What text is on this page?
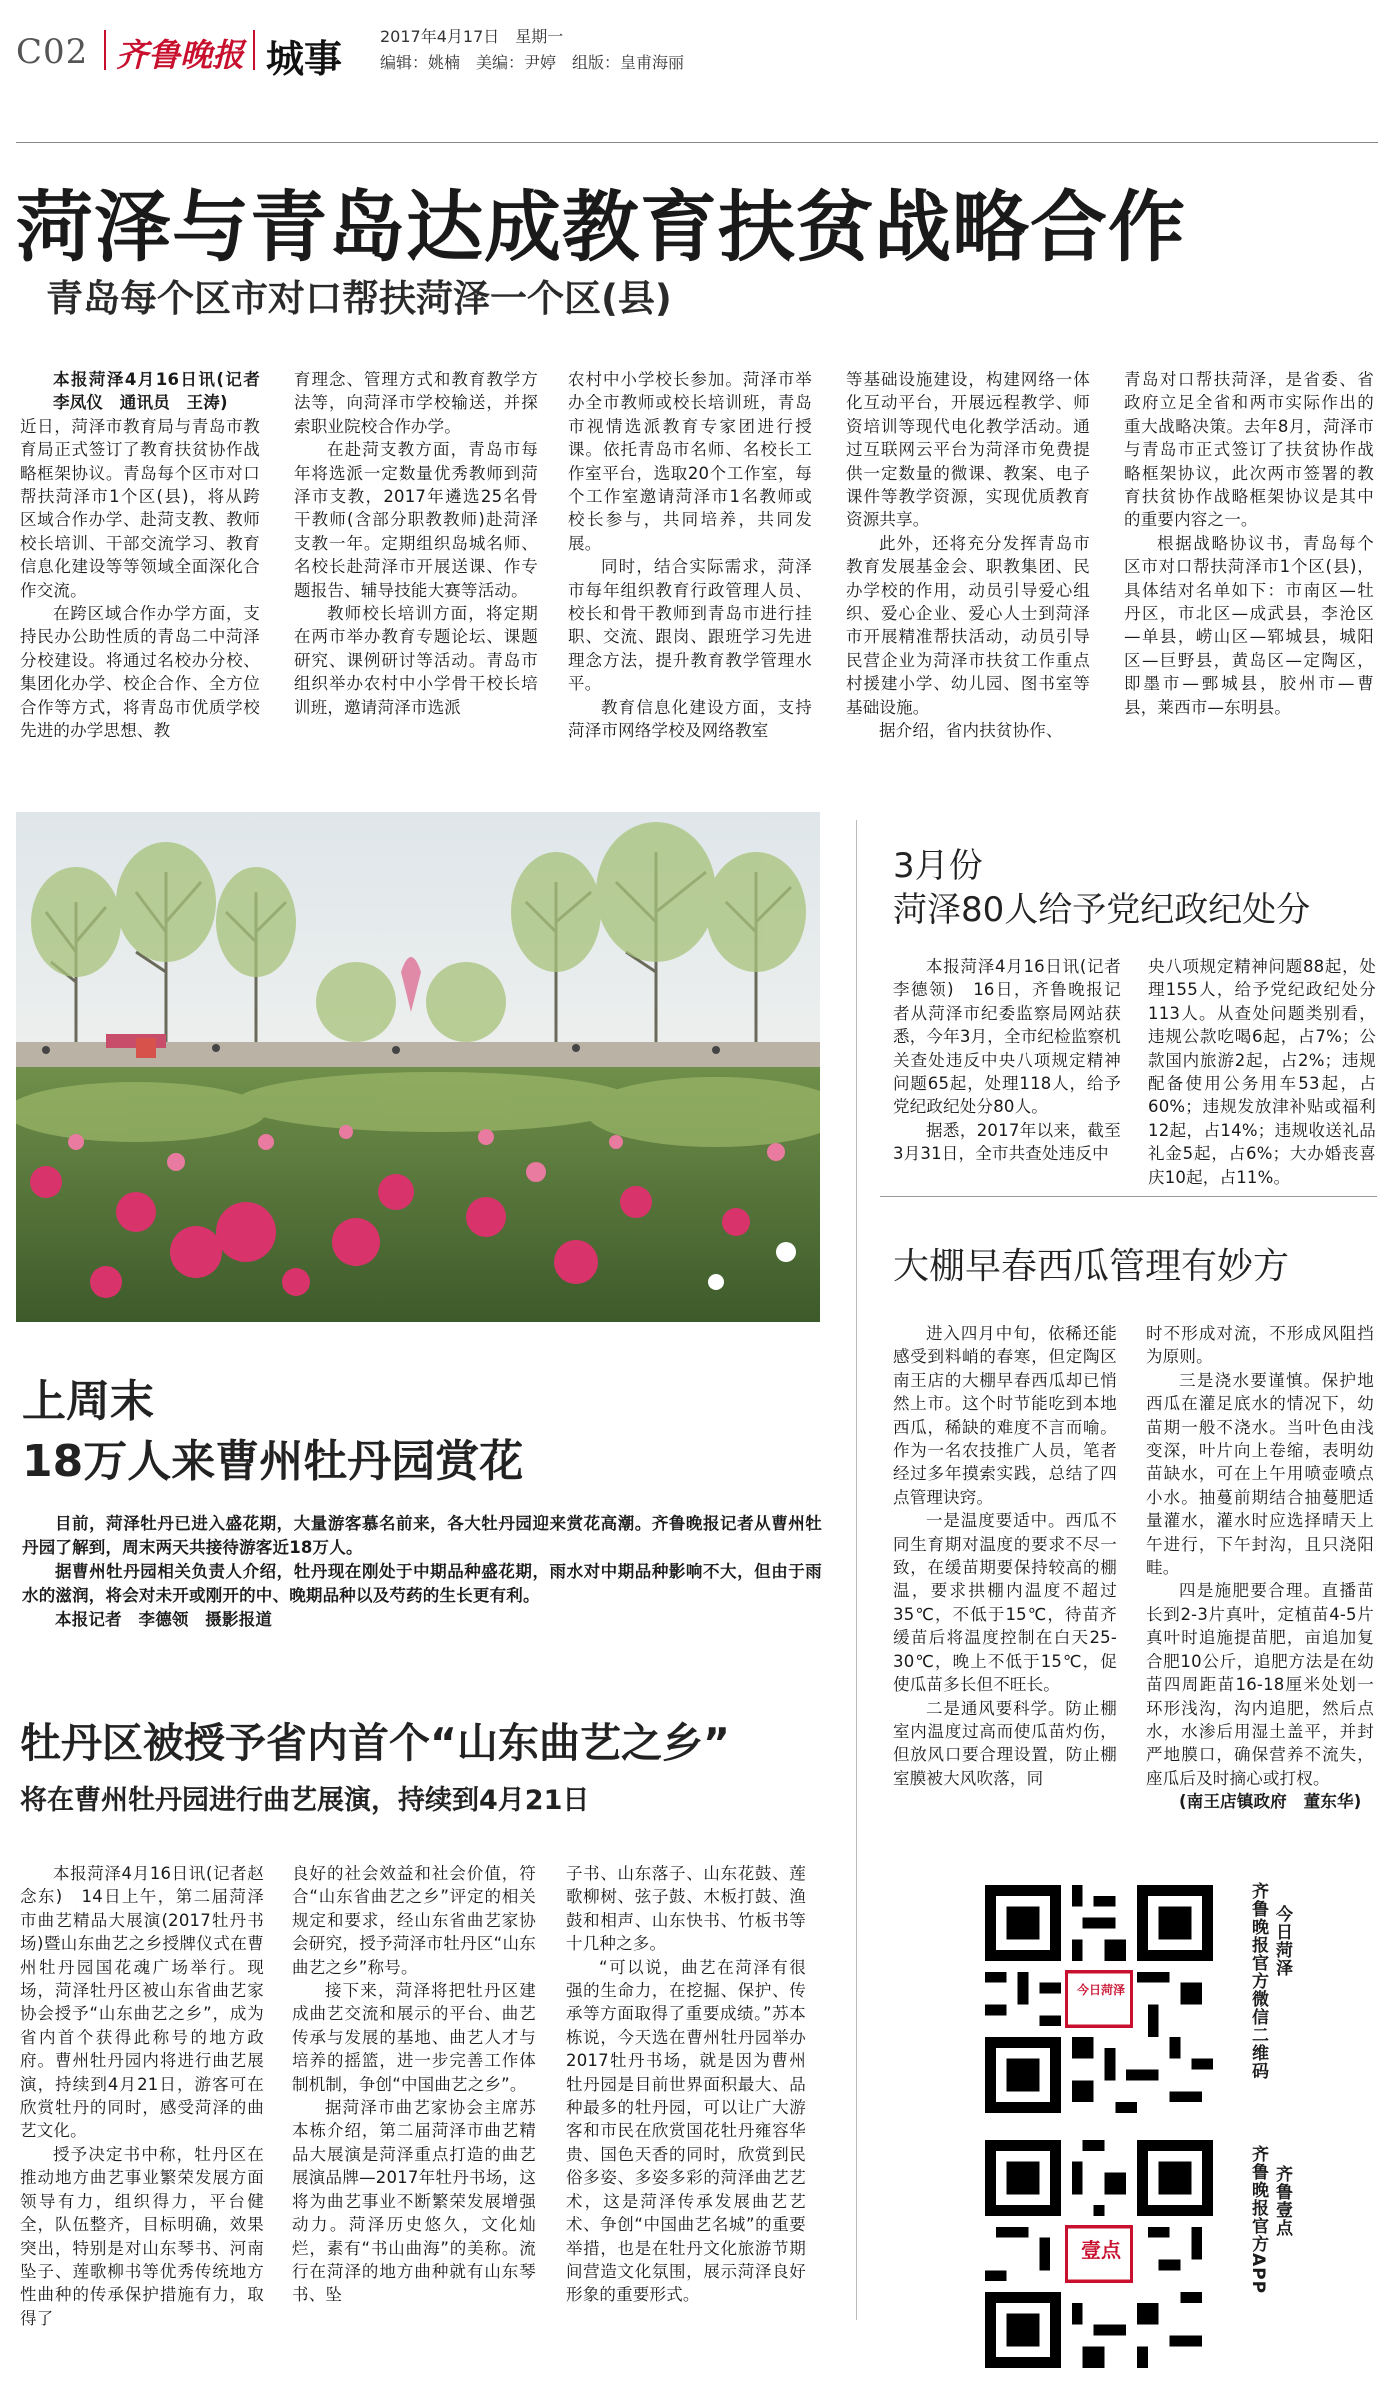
C02 齐鲁晚报 城事
2017年4月17日　星期一
编辑：姚楠　美编：尹婷　组版：皇甫海丽
菏泽与青岛达成教育扶贫战略合作
青岛每个区市对口帮扶菏泽一个区(县)

本报菏泽4月16日讯(记者李凤仪　通讯员　王涛)

近日，菏泽市教育局与青岛市教育局正式签订了教育扶贫协作战略框架协议。青岛每个区市对口帮扶菏泽市1个区(县)，将从跨区域合作办学、赴菏支教、教师校长培训、干部交流学习、教育信息化建设等等领域全面深化合作交流。

在跨区域合作办学方面，支持民办公助性质的青岛二中菏泽分校建设。将通过名校办分校、集团化办学、校企合作、全方位合作等方式，将青岛市优质学校先进的办学思想、教

育理念、管理方式和教育教学方法等，向菏泽市学校输送，并探索职业院校合作办学。

在赴菏支教方面，青岛市每年将选派一定数量优秀教师到菏泽市支教，2017年遴选25名骨干教师(含部分职教教师)赴菏泽支教一年。定期组织岛城名师、名校长赴菏泽市开展送课、作专题报告、辅导技能大赛等活动。

教师校长培训方面，将定期在两市举办教育专题论坛、课题研究、课例研讨等活动。青岛市组织举办农村中小学骨干校长培训班，邀请菏泽市选派

农村中小学校长参加。菏泽市举办全市教师或校长培训班，青岛市视情选派教育专家团进行授课。依托青岛市名师、名校长工作室平台，选取20个工作室，每个工作室邀请菏泽市1名教师或校长参与，共同培养，共同发展。

同时，结合实际需求，菏泽市每年组织教育行政管理人员、校长和骨干教师到青岛市进行挂职、交流、跟岗、跟班学习先进理念方法，提升教育教学管理水平。

教育信息化建设方面，支持菏泽市网络学校及网络教室

等基础设施建设，构建网络一体化互动平台，开展远程教学、师资培训等现代电化教学活动。通过互联网云平台为菏泽市免费提供一定数量的微课、教案、电子课件等教学资源，实现优质教育资源共享。

此外，还将充分发挥青岛市教育发展基金会、职教集团、民办学校的作用，动员引导爱心组织、爱心企业、爱心人士到菏泽市开展精准帮扶活动，动员引导民营企业为菏泽市扶贫工作重点村援建小学、幼儿园、图书室等基础设施。

据介绍，省内扶贫协作、

青岛对口帮扶菏泽，是省委、省政府立足全省和两市实际作出的重大战略决策。去年8月，菏泽市与青岛市正式签订了扶贫协作战略框架协议，此次两市签署的教育扶贫协作战略框架协议是其中的重要内容之一。

根据战略协议书，青岛每个区市对口帮扶菏泽市1个区(县)，具体结对名单如下：市南区—牡丹区，市北区—成武县，李沧区—单县，崂山区—郓城县，城阳区—巨野县，黄岛区—定陶区，即墨市—鄄城县，胶州市—曹县，莱西市—东明县。

上周末
18万人来曹州牡丹园赏花

目前，菏泽牡丹已进入盛花期，大量游客慕名前来，各大牡丹园迎来赏花高潮。齐鲁晚报记者从曹州牡丹园了解到，周末两天共接待游客近18万人。

据曹州牡丹园相关负责人介绍，牡丹现在刚处于中期品种盛花期，雨水对中期品种影响不大，但由于雨水的滋润，将会对未开或刚开的中、晚期品种以及芍药的生长更有利。

本报记者　李德领　摄影报道

3月份
菏泽80人给予党纪政纪处分

本报菏泽4月16日讯(记者　李德领)　16日，齐鲁晚报记者从菏泽市纪委监察局网站获悉，今年3月，全市纪检监察机关查处违反中央八项规定精神问题65起，处理118人，给予党纪政纪处分80人。

据悉，2017年以来，截至3月31日，全市共查处违反中

央八项规定精神问题88起，处理155人，给予党纪政纪处分113人。从查处问题类别看，违规公款吃喝6起，占7%；公款国内旅游2起，占2%；违规配备使用公务用车53起，占60%；违规发放津补贴或福利12起，占14%；违规收送礼品礼金5起，占6%；大办婚丧喜庆10起，占11%。

大棚早春西瓜管理有妙方

进入四月中旬，依稀还能感受到料峭的春寒，但定陶区南王店的大棚早春西瓜却已悄然上市。这个时节能吃到本地西瓜，稀缺的难度不言而喻。作为一名农技推广人员，笔者经过多年摸索实践，总结了四点管理诀窍。

一是温度要适中。西瓜不同生育期对温度的要求不尽一致，在缓苗期要保持较高的棚温，要求拱棚内温度不超过35℃，不低于15℃，待苗齐缓苗后将温度控制在白天25-30℃，晚上不低于15℃，促使瓜苗多长但不旺长。

二是通风要科学。防止棚室内温度过高而使瓜苗灼伤，但放风口要合理设置，防止棚室膜被大风吹落，同

时不形成对流，不形成风阻挡为原则。

三是浇水要谨慎。保护地西瓜在灌足底水的情况下，幼苗期一般不浇水。当叶色由浅变深，叶片向上卷缩，表明幼苗缺水，可在上午用喷壶喷点小水。抽蔓前期结合抽蔓肥适量灌水，灌水时应选择晴天上午进行，下午封沟，且只浇阳畦。

四是施肥要合理。直播苗长到2-3片真叶，定植苗4-5片真叶时追施提苗肥，亩追加复合肥10公斤，追肥方法是在幼苗四周距苗16-18厘米处划一环形浅沟，沟内追肥，然后点水，水渗后用湿土盖平，并封严地膜口，确保营养不流失，座瓜后及时摘心或打杈。

(南王店镇政府　董东华)

牡丹区被授予省内首个“山东曲艺之乡”
将在曹州牡丹园进行曲艺展演，持续到4月21日

本报菏泽4月16日讯(记者赵念东)　14日上午，第二届菏泽市曲艺精品大展演(2017牡丹书场)暨山东曲艺之乡授牌仪式在曹州牡丹园国花魂广场举行。现场，菏泽牡丹区被山东省曲艺家协会授予“山东曲艺之乡”，成为省内首个获得此称号的地方政府。曹州牡丹园内将进行曲艺展演，持续到4月21日，游客可在欣赏牡丹的同时，感受菏泽的曲艺文化。

授予决定书中称，牡丹区在推动地方曲艺事业繁荣发展方面领导有力，组织得力，平台健全，队伍整齐，目标明确，效果突出，特别是对山东琴书、河南坠子、莲歌柳书等优秀传统地方性曲种的传承保护措施有力，取得了

良好的社会效益和社会价值，符合“山东省曲艺之乡”评定的相关规定和要求，经山东省曲艺家协会研究，授予菏泽市牡丹区“山东曲艺之乡”称号。

接下来，菏泽将把牡丹区建成曲艺交流和展示的平台、曲艺传承与发展的基地、曲艺人才与培养的摇篮，进一步完善工作体制机制，争创“中国曲艺之乡”。

据菏泽市曲艺家协会主席苏本栋介绍，第二届菏泽市曲艺精品大展演是菏泽重点打造的曲艺展演品牌—2017年牡丹书场，这将为曲艺事业不断繁荣发展增强动力。菏泽历史悠久，文化灿烂，素有“书山曲海”的美称。流行在菏泽的地方曲种就有山东琴书、坠

子书、山东落子、山东花鼓、莲歌柳树、弦子鼓、木板打鼓、渔鼓和相声、山东快书、竹板书等十几种之多。

“可以说，曲艺在菏泽有很强的生命力，在挖掘、保护、传承等方面取得了重要成绩。”苏本栋说，今天选在曹州牡丹园举办2017牡丹书场，就是因为曹州牡丹园是目前世界面积最大、品种最多的牡丹园，可以让广大游客和市民在欣赏国花牡丹雍容华贵、国色天香的同时，欣赏到民俗多姿、多姿多彩的菏泽曲艺艺术，这是菏泽传承发展曲艺艺术、争创“中国曲艺名城”的重要举措，也是在牡丹文化旅游节期间营造文化氛围，展示菏泽良好形象的重要形式。

今日菏泽	齐鲁晚报官方微信二维码 今日菏泽
壹点	齐鲁晚报官方APP 齐鲁壹点
